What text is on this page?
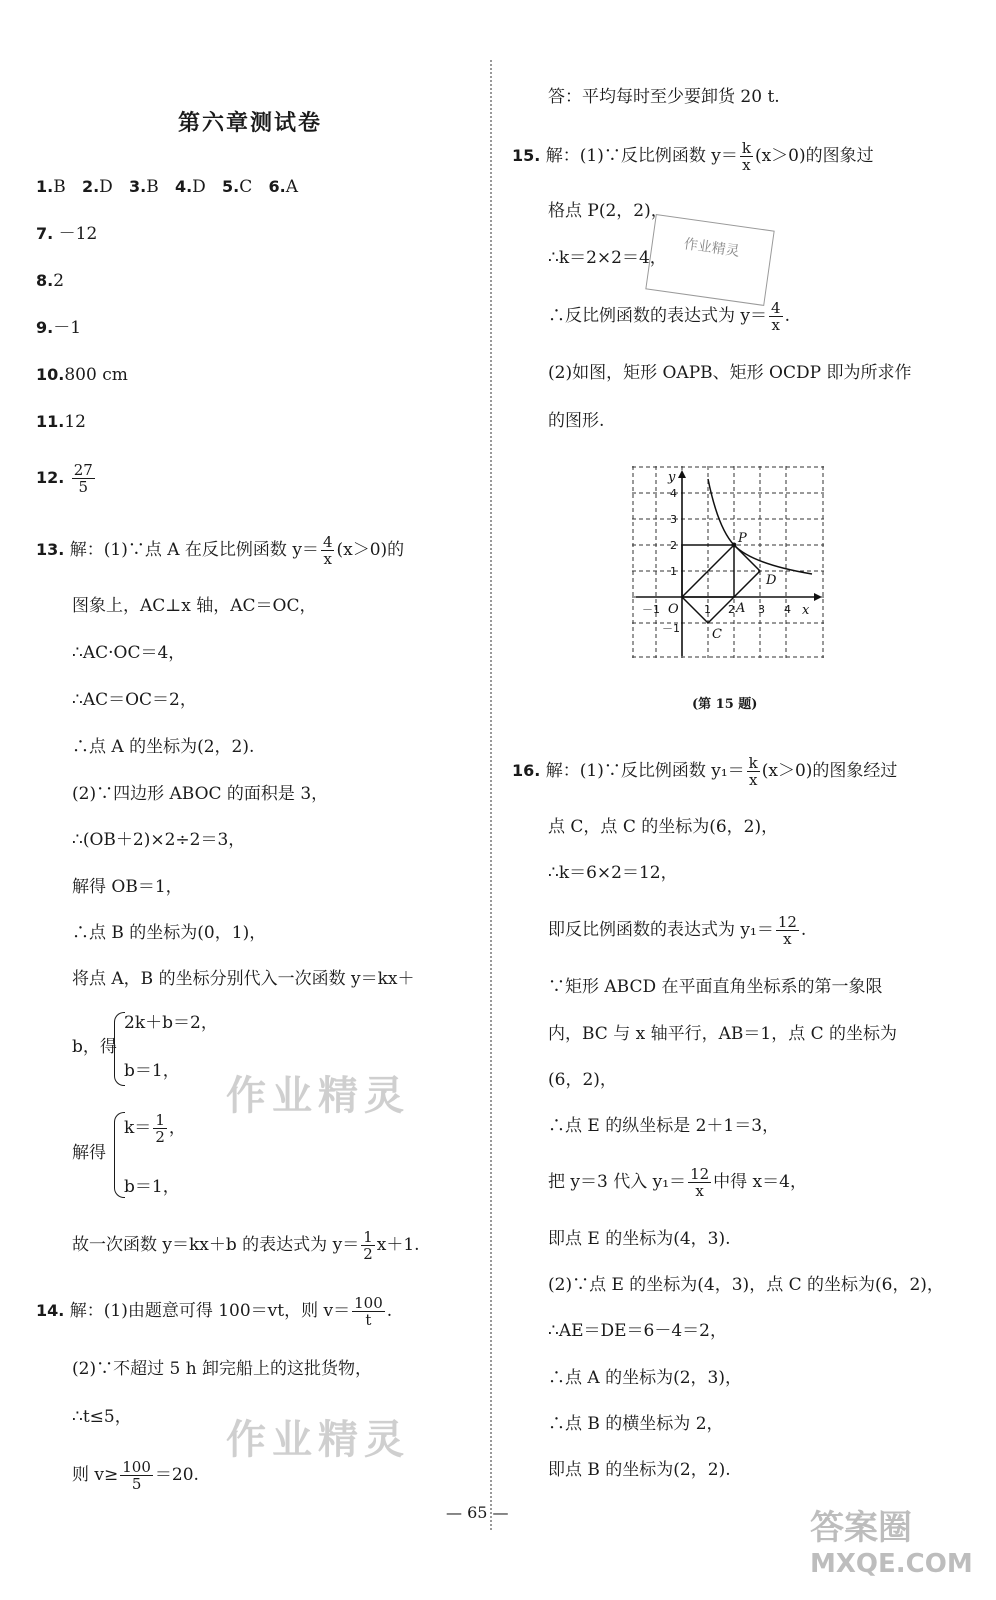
第六章测试卷
1.B 2.D 3.B 4.D 5.C 6.A
7. －12
8.2
9.－1
10.800 cm
11.12
12. $\frac{27}{5}$
13. 解：(1)∵点 A 在反比例函数 $y= \frac{4}{x} (x>0)$的
图象上，AC⊥x 轴，AC＝OC，
∴AC·OC＝4，
∴AC＝OC＝2，
∴点 A 的坐标为(2，2).
(2)∵四边形 ABOC 的面积是 3，
∴(OB＋2)×2÷2＝3，
解得 OB＝1，
∴点 B 的坐标为(0，1)，
将点 A，B 的坐标分别代入一次函数 y＝kx＋
b，得
2k＋b＝2，
b＝1，
解得
$k= \frac{1}{2}$ ，
b＝1，
故一次函数 y＝kx＋b 的表达式为 $y= \frac{1}{2} x+1$.
14. 解：(1)由题意可得 100＝vt，则 $v= \frac{100}{t}$ .
(2)∵不超过 5 h 卸完船上的这批货物，
∴t≤5，
则 $v\ge \frac{100}{5} =20$.
答：平均每时至少要卸货 20 t.
15. 解：(1)∵反比例函数 $y= \frac{k}{x} (x>0)$的图象过
格点 P(2，2)，
∴k＝2×2＝4，
∴反比例函数的表达式为 $y= \frac{4}{x}$ .
(2)如图，矩形 OAPB、矩形 OCDP 即为所求作
的图形.
y
x
O
P
D
C
A
－1	1 2 3 4
4
3
2
1
－1
(第 15 题)
16. 解：(1)∵反比例函数 $y_1= \frac{k}{x} (x>0)$的图象经过
点 C，点 C 的坐标为(6，2)，
∴k＝6×2＝12，
即反比例函数的表达式为 $y_1= \frac{12}{x}$ .
∵矩形 ABCD 在平面直角坐标系的第一象限
内，BC 与 x 轴平行，AB＝1，点 C 的坐标为
(6，2)，
∴点 E 的纵坐标是 2＋1＝3，
把 y＝3 代入 $y_1= \frac{12}{x}$ 中得 x＝4，
即点 E 的坐标为(4，3).
(2)∵点 E 的坐标为(4，3)，点 C 的坐标为(6，2)，
∴AE＝DE＝6－4＝2，
∴点 A 的坐标为(2，3)，
∴点 B 的横坐标为 2，
即点 B 的坐标为(2，2).
— 65 —
作业精灵
作业精灵
作业精灵
答案圈
MXQE.COM
